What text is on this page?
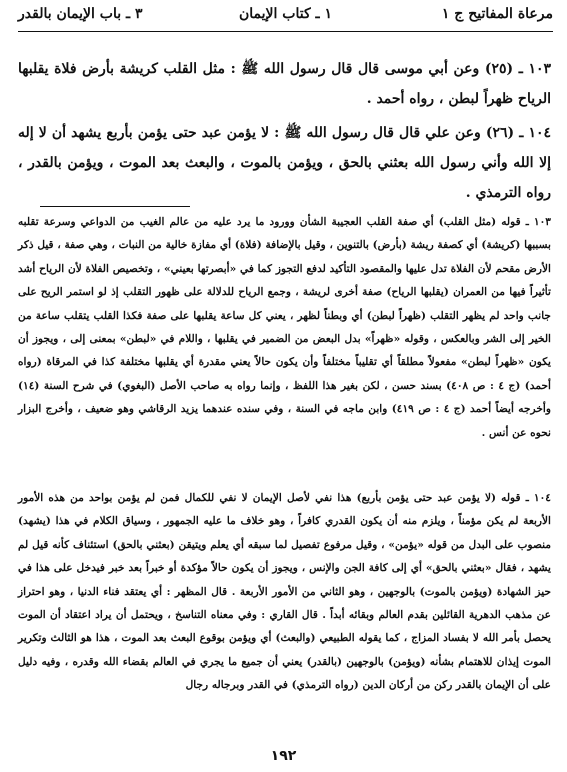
مرعاة المفاتيح ج ١
١ ـ كتاب الإيمان
٣ ـ باب الإيمان بالقدر
١٠٣ ـ (٢٥) وعن أبي موسى قال قال رسول الله ﷺ : مثل القلب كريشة بأرض فلاة يقلبها الرياح ظهراً لبطن ، رواه أحمد .
١٠٤ ـ (٢٦) وعن علي قال قال رسول الله ﷺ : لا يؤمن عبد حتى يؤمن بأربع يشهد أن لا إله إلا الله وأني رسول الله بعثني بالحق ، ويؤمن بالموت ، والبعث بعد الموت ، ويؤمن بالقدر ، رواه الترمذي .
١٠٣ ـ قوله (مثل القلب) أي صفة القلب العجيبة الشأن وورود ما يرد عليه من عالم الغيب من الدواعي وسرعة تقلبه بسببها (كريشة) أي كصفة ريشة (بأرض) بالتنوين ، وقيل بالإضافة (فلاة) أي مفازة خالية من النبات ، وهي صفة ، قيل ذكر الأرض مقحم لأن الفلاة تدل عليها والمقصود التأكيد لدفع التجوز كما في «أبصرتها بعيني» ، وتخصيص الفلاة لأن الرياح أشد تأثيراً فيها من العمران (يقلبها الرياح) صفة أخرى لريشة ، وجمع الرياح للدلالة على ظهور التقلب إذ لو استمر الريح على جانب واحد لم يظهر التقلب (ظهراً لبطن) أي وبطناً لظهر ، يعني كل ساعة يقلبها على صفة فكذا القلب يتقلب ساعة من الخير إلى الشر وبالعكس ، وقوله «ظهراً» بدل البعض من الضمير في يقلبها ، واللام في «لبطن» بمعنى إلى ، ويجوز أن يكون «ظهراً لبطن» مفعولاً مطلقاً أي تقليباً مختلفاً وأن يكون حالاً يعني مقدرة أي يقلبها مختلفة كذا في المرقاة (رواه أحمد) (ج ٤ : ص ٤٠٨) بسند حسن ، لكن بغير هذا اللفظ ، وإنما رواه به صاحب الأصل (البغوي) في شرح السنة (١٤) وأخرجه أيضاً أحمد (ج ٤ : ص ٤١٩) وابن ماجه في السنة ، وفي سنده عندهما يزيد الرقاشي وهو ضعيف ، وأخرج البزار نحوه عن أنس .
١٠٤ ـ قوله (لا يؤمن عبد حتى يؤمن بأربع) هذا نفي لأصل الإيمان لا نفي للكمال فمن لم يؤمن بواحد من هذه الأمور الأربعة لم يكن مؤمناً ، ويلزم منه أن يكون القدري كافراً ، وهو خلاف ما عليه الجمهور ، وسياق الكلام في هذا (يشهد) منصوب على البدل من قوله «يؤمن» ، وقيل مرفوع تفصيل لما سبقه أي يعلم ويتيقن (بعثني بالحق) استئناف كأنه قيل لم يشهد ، فقال «بعثني بالحق» أي إلى كافة الجن والإنس ، ويجوز أن يكون حالاً مؤكدة أو خبراً بعد خبر فيدخل على هذا في حيز الشهادة (ويؤمن بالموت) بالوجهين ، وهو الثاني من الأمور الأربعة . قال المظهر : أي يعتقد فناء الدنيا ، وهو احتراز عن مذهب الدهرية القائلين بقدم العالم وبقائه أبداً . قال القاري : وفي معناه التناسخ ، ويحتمل أن يراد اعتقاد أن الموت يحصل بأمر الله لا بفساد المزاج ، كما يقوله الطبيعي (والبعث) أي ويؤمن بوقوع البعث بعد الموت ، هذا هو الثالث وتكرير الموت إيذان للاهتمام بشأنه (ويؤمن) بالوجهين (بالقدر) يعني أن جميع ما يجري في العالم بقضاء الله وقدره ، وفيه دليل على أن الإيمان بالقدر ركن من أركان الدين (رواه الترمذي) في القدر وبرجاله رجال
١٩٢
